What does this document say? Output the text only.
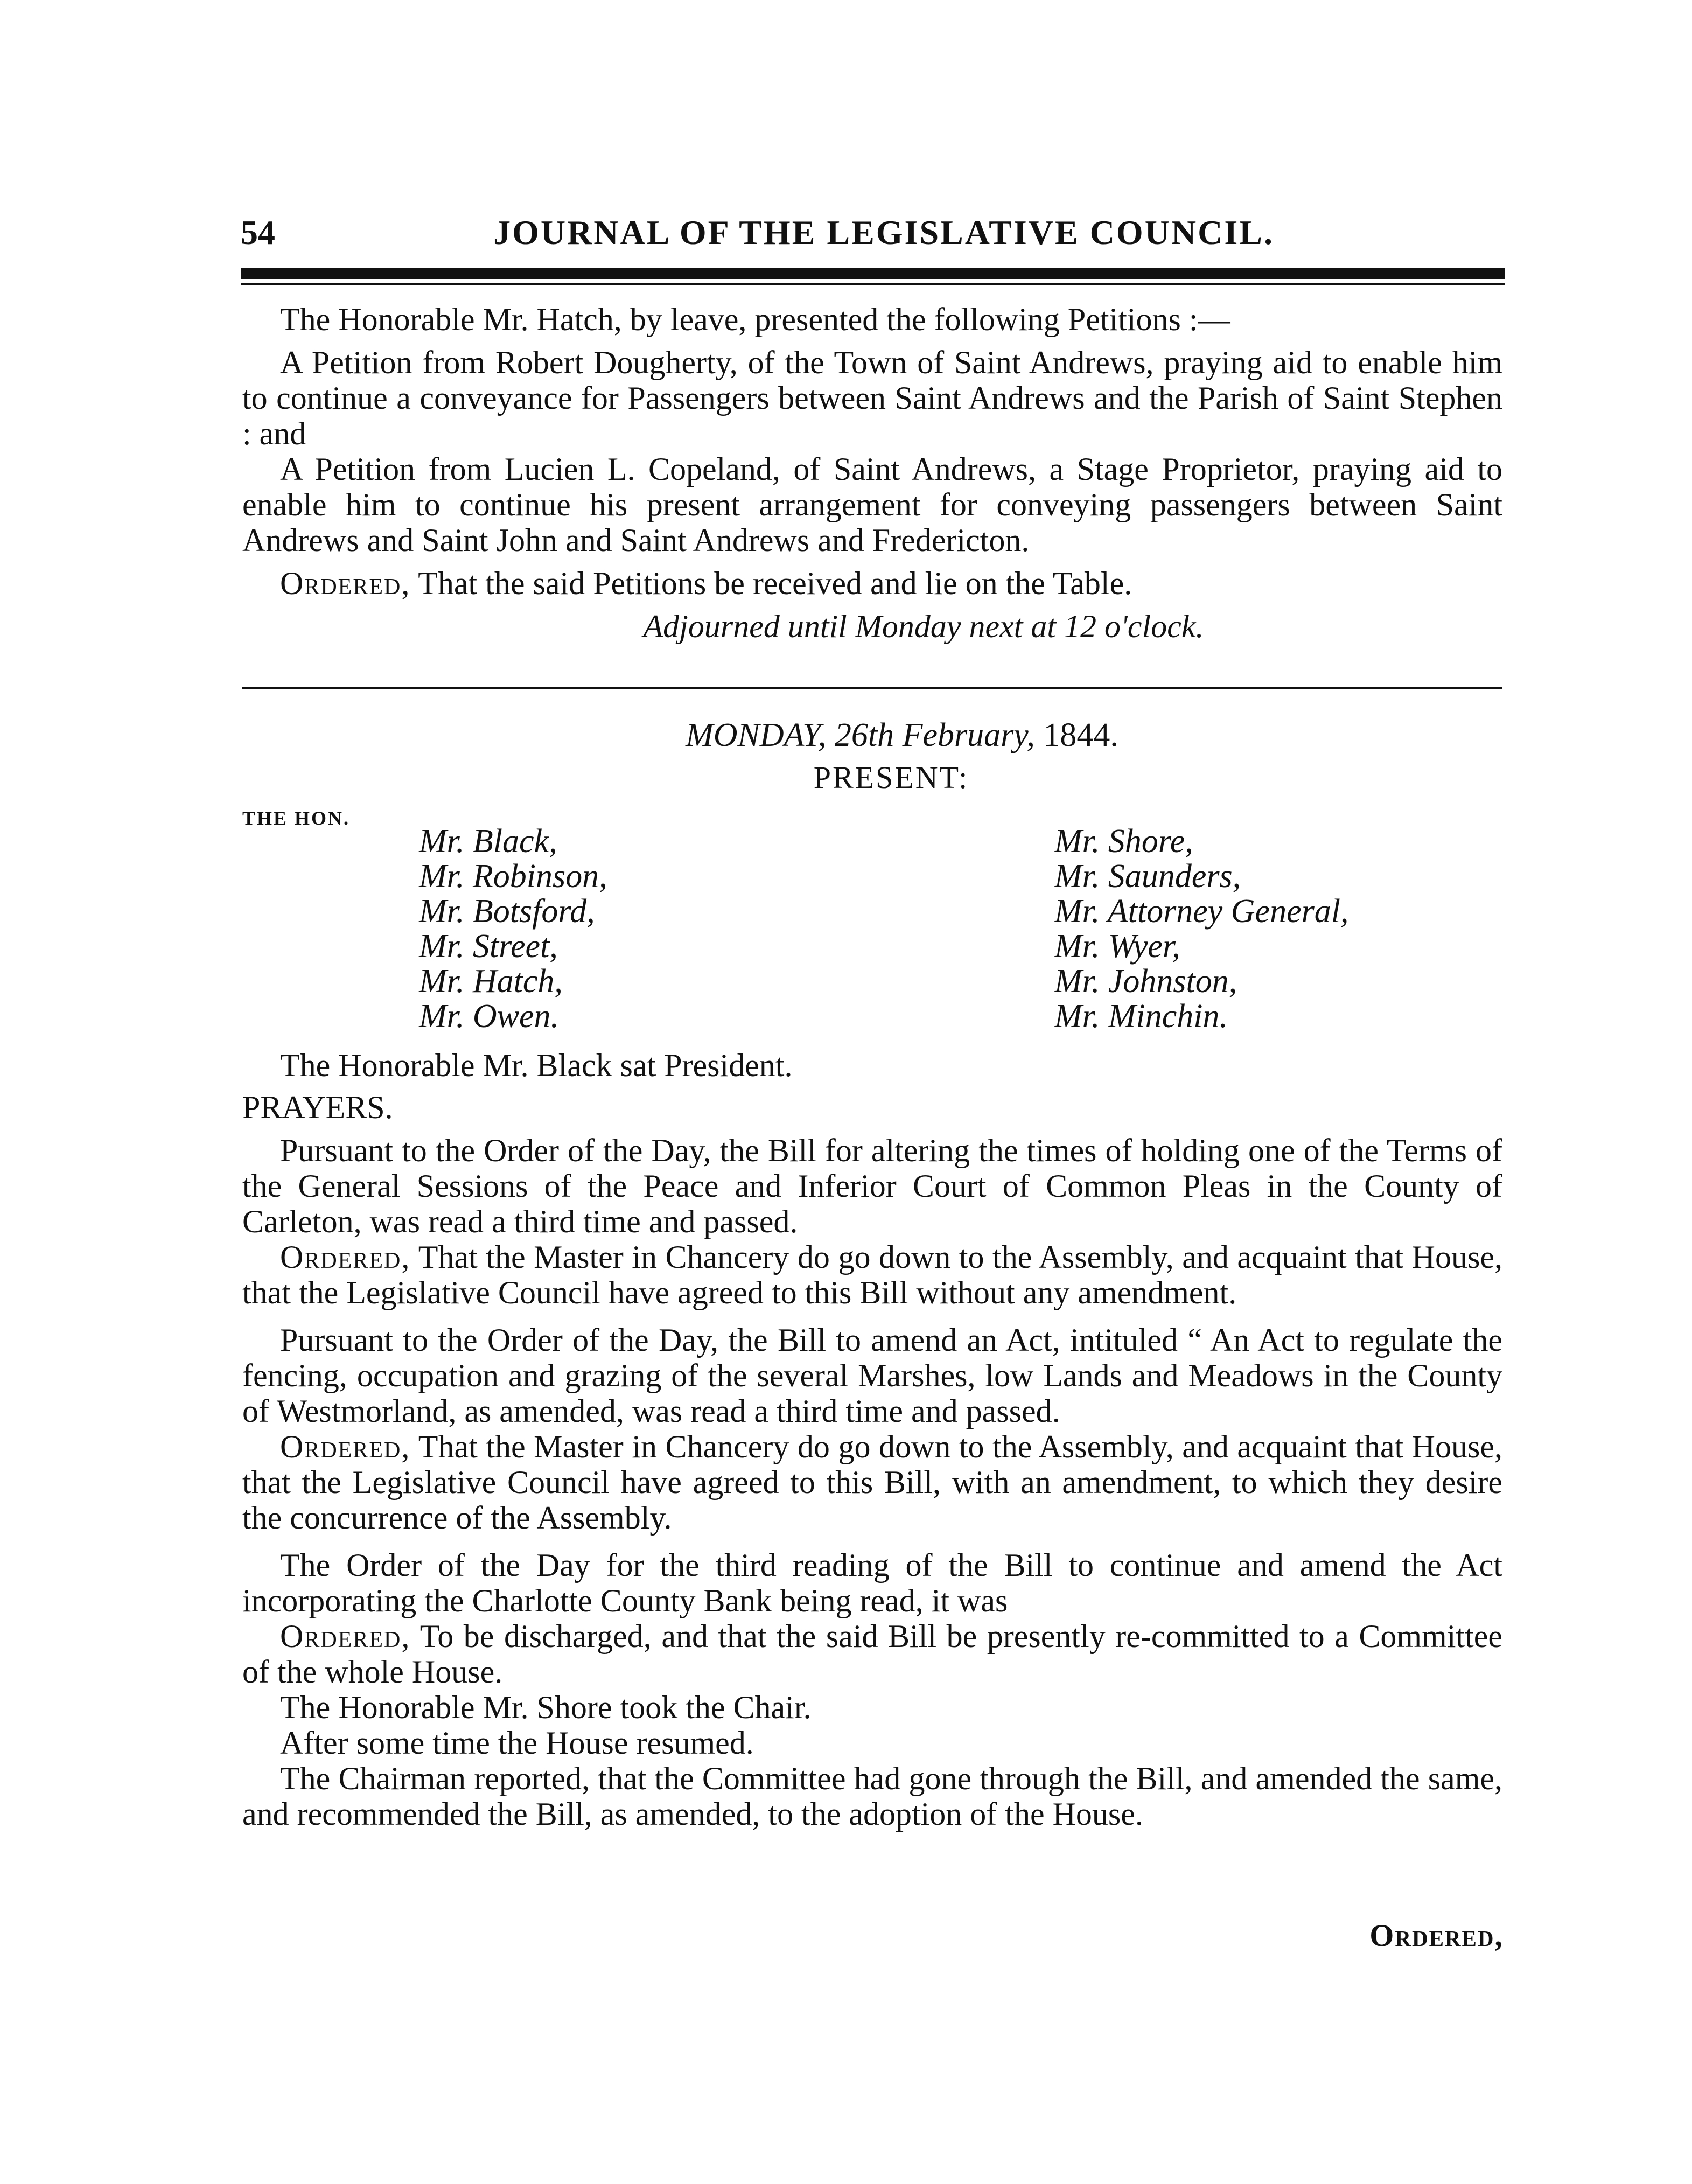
54	JOURNAL OF THE LEGISLATIVE COUNCIL.

The Honorable Mr. Hatch, by leave, presented the following Petitions :—

A Petition from Robert Dougherty, of the Town of Saint Andrews, praying aid to enable him to continue a conveyance for Passengers between Saint Andrews and the Parish of Saint Stephen : and

A Petition from Lucien L. Copeland, of Saint Andrews, a Stage Proprietor, praying aid to enable him to continue his present arrangement for conveying passengers between Saint Andrews and Saint John and Saint Andrews and Fredericton.

Ordered, That the said Petitions be received and lie on the Table.

Adjourned until Monday next at 12 o'clock.

MONDAY, 26th February, 1844.
PRESENT:
THE HON.
Mr. Black,
Mr. Robinson,
Mr. Botsford,
Mr. Street,
Mr. Hatch,
Mr. Owen.
Mr. Shore,
Mr. Saunders,
Mr. Attorney General,
Mr. Wyer,
Mr. Johnston,
Mr. Minchin.

The Honorable Mr. Black sat President.

PRAYERS.

Pursuant to the Order of the Day, the Bill for altering the times of holding one of the Terms of the General Sessions of the Peace and Inferior Court of Common Pleas in the County of Carleton, was read a third time and passed.

Ordered, That the Master in Chancery do go down to the Assembly, and acquaint that House, that the Legislative Council have agreed to this Bill without any amendment.

Pursuant to the Order of the Day, the Bill to amend an Act, intituled “ An Act to regulate the fencing, occupation and grazing of the several Marshes, low Lands and Meadows in the County of Westmorland, as amended, was read a third time and passed.

Ordered, That the Master in Chancery do go down to the Assembly, and acquaint that House, that the Legislative Council have agreed to this Bill, with an amendment, to which they desire the concurrence of the Assembly.

The Order of the Day for the third reading of the Bill to continue and amend the Act incorporating the Charlotte County Bank being read, it was

Ordered, To be discharged, and that the said Bill be presently re-committed to a Committee of the whole House.

The Honorable Mr. Shore took the Chair.

After some time the House resumed.

The Chairman reported, that the Committee had gone through the Bill, and amended the same, and recommended the Bill, as amended, to the adoption of the House.

Ordered,
